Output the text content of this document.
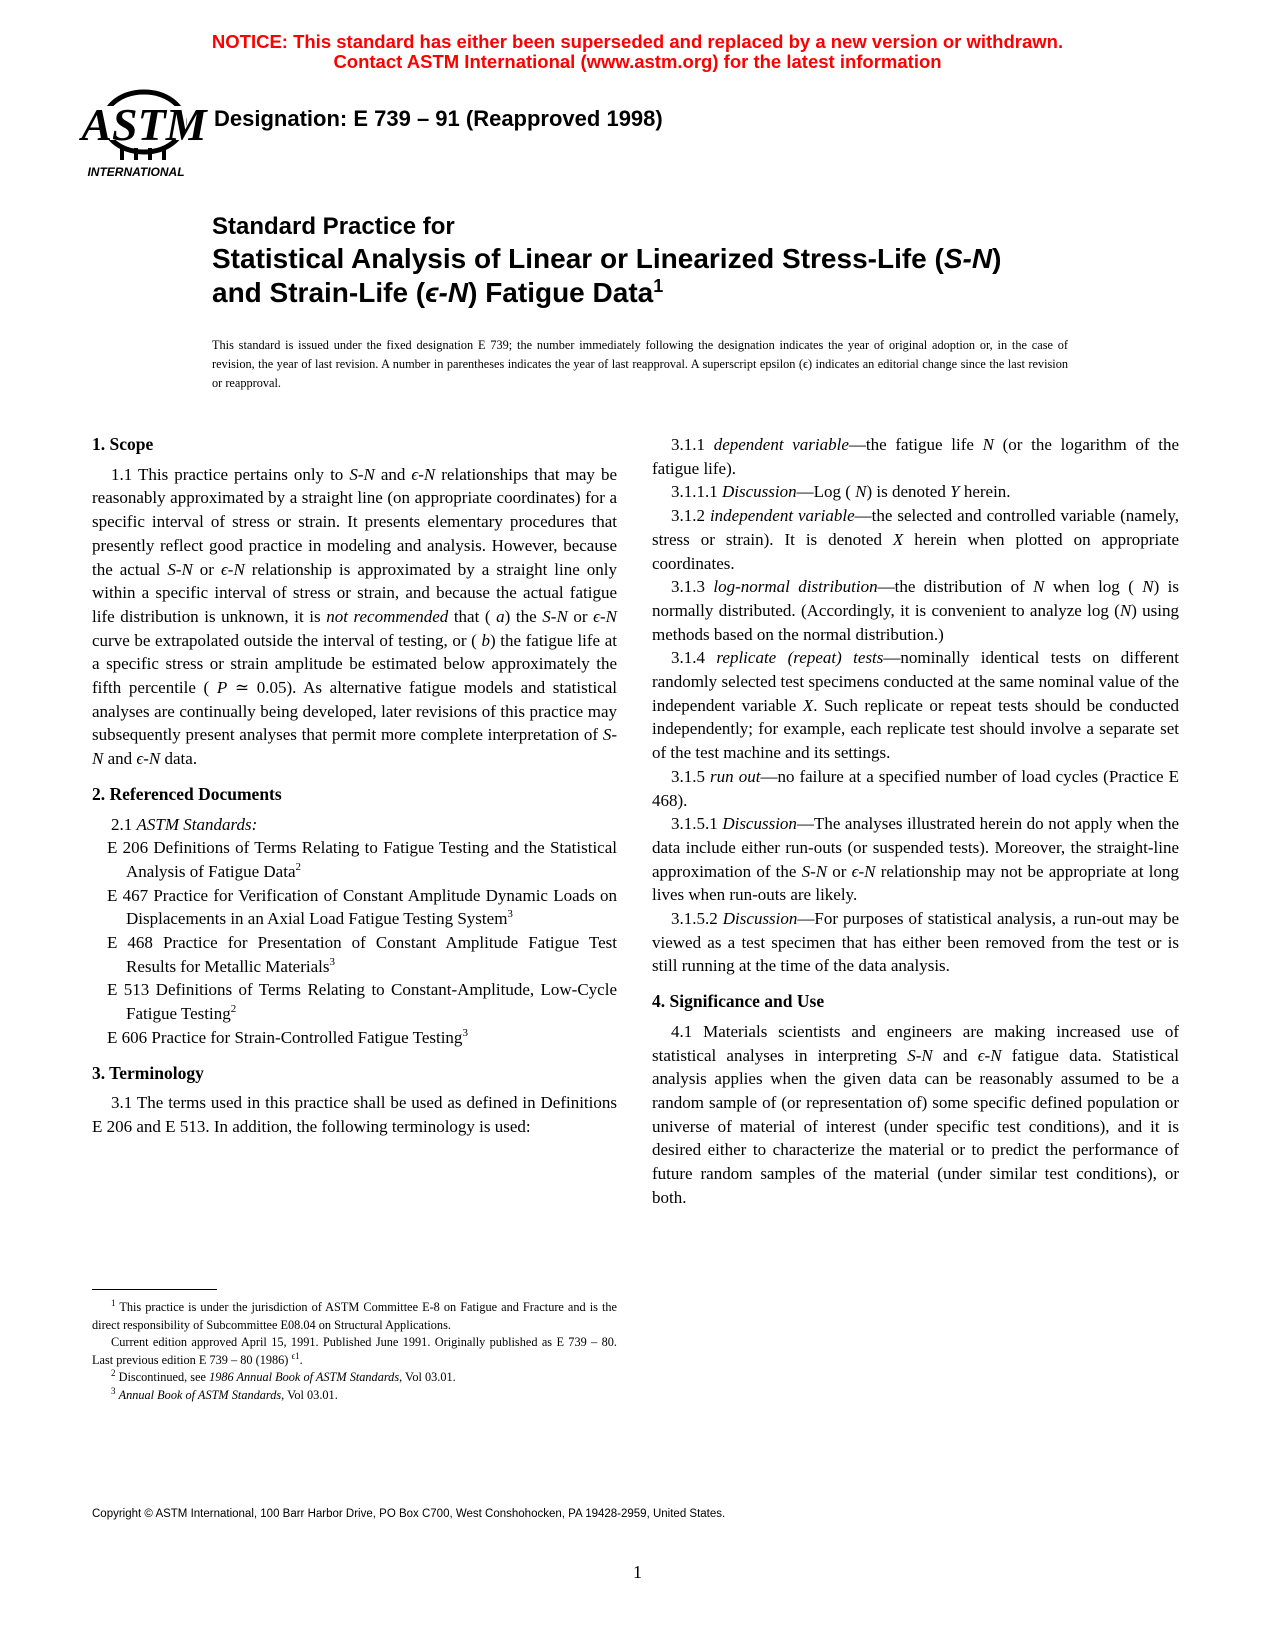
NOTICE: This standard has either been superseded and replaced by a new version or withdrawn.
Contact ASTM International (www.astm.org) for the latest information
ASTM
INTERNATIONAL
Designation: E 739 – 91 (Reapproved 1998)
Standard Practice for
Statistical Analysis of Linear or Linearized Stress-Life (S-N)
and Strain-Life (ϵ-N) Fatigue Data$^1$
This standard is issued under the fixed designation E 739; the number immediately following the designation indicates the year of original adoption or, in the case of revision, the year of last revision. A number in parentheses indicates the year of last reapproval. A superscript epsilon (ϵ) indicates an editorial change since the last revision or reapproval.
1. Scope

1.1 This practice pertains only to S-N and ϵ-N relationships that may be reasonably approximated by a straight line (on appropriate coordinates) for a specific interval of stress or strain. It presents elementary procedures that presently reflect good practice in modeling and analysis. However, because the actual S-N or ϵ-N relationship is approximated by a straight line only within a specific interval of stress or strain, and because the actual fatigue life distribution is unknown, it is not recommended that ( a) the S-N or ϵ-N curve be extrapolated outside the interval of testing, or ( b) the fatigue life at a specific stress or strain amplitude be estimated below approximately the fifth percentile ( P ≃ 0.05). As alternative fatigue models and statistical analyses are continually being developed, later revisions of this practice may subsequently present analyses that permit more complete interpretation of S-N and ϵ-N data.

2. Referenced Documents

2.1 ASTM Standards:

E 206 Definitions of Terms Relating to Fatigue Testing and the Statistical Analysis of Fatigue Data$^2$

E 467 Practice for Verification of Constant Amplitude Dynamic Loads on Displacements in an Axial Load Fatigue Testing System$^3$

E 468 Practice for Presentation of Constant Amplitude Fatigue Test Results for Metallic Materials$^3$

E 513 Definitions of Terms Relating to Constant-Amplitude, Low-Cycle Fatigue Testing$^2$

E 606 Practice for Strain-Controlled Fatigue Testing$^3$

3. Terminology

3.1 The terms used in this practice shall be used as defined in Definitions E 206 and E 513. In addition, the following terminology is used:

3.1.1 dependent variable—the fatigue life N (or the logarithm of the fatigue life).

3.1.1.1 Discussion—Log ( N) is denoted Y herein.

3.1.2 independent variable—the selected and controlled variable (namely, stress or strain). It is denoted X herein when plotted on appropriate coordinates.

3.1.3 log-normal distribution—the distribution of N when log ( N) is normally distributed. (Accordingly, it is convenient to analyze log (N) using methods based on the normal distribution.)

3.1.4 replicate (repeat) tests—nominally identical tests on different randomly selected test specimens conducted at the same nominal value of the independent variable X. Such replicate or repeat tests should be conducted independently; for example, each replicate test should involve a separate set of the test machine and its settings.

3.1.5 run out—no failure at a specified number of load cycles (Practice E 468).

3.1.5.1 Discussion—The analyses illustrated herein do not apply when the data include either run-outs (or suspended tests). Moreover, the straight-line approximation of the S-N or ϵ-N relationship may not be appropriate at long lives when run-outs are likely.

3.1.5.2 Discussion—For purposes of statistical analysis, a run-out may be viewed as a test specimen that has either been removed from the test or is still running at the time of the data analysis.

4. Significance and Use

4.1 Materials scientists and engineers are making increased use of statistical analyses in interpreting S-N and ϵ-N fatigue data. Statistical analysis applies when the given data can be reasonably assumed to be a random sample of (or representation of) some specific defined population or universe of material of interest (under specific test conditions), and it is desired either to characterize the material or to predict the performance of future random samples of the material (under similar test conditions), or both.

$^1$ This practice is under the jurisdiction of ASTM Committee E-8 on Fatigue and Fracture and is the direct responsibility of Subcommittee E08.04 on Structural Applications.

Current edition approved April 15, 1991. Published June 1991. Originally published as E 739 – 80. Last previous edition E 739 – 80 (1986) $^{\epsilon 1}$.

$^2$ Discontinued, see 1986 Annual Book of ASTM Standards, Vol 03.01.

$^3$ Annual Book of ASTM Standards, Vol 03.01.

Copyright © ASTM International, 100 Barr Harbor Drive, PO Box C700, West Conshohocken, PA 19428-2959, United States.
1
